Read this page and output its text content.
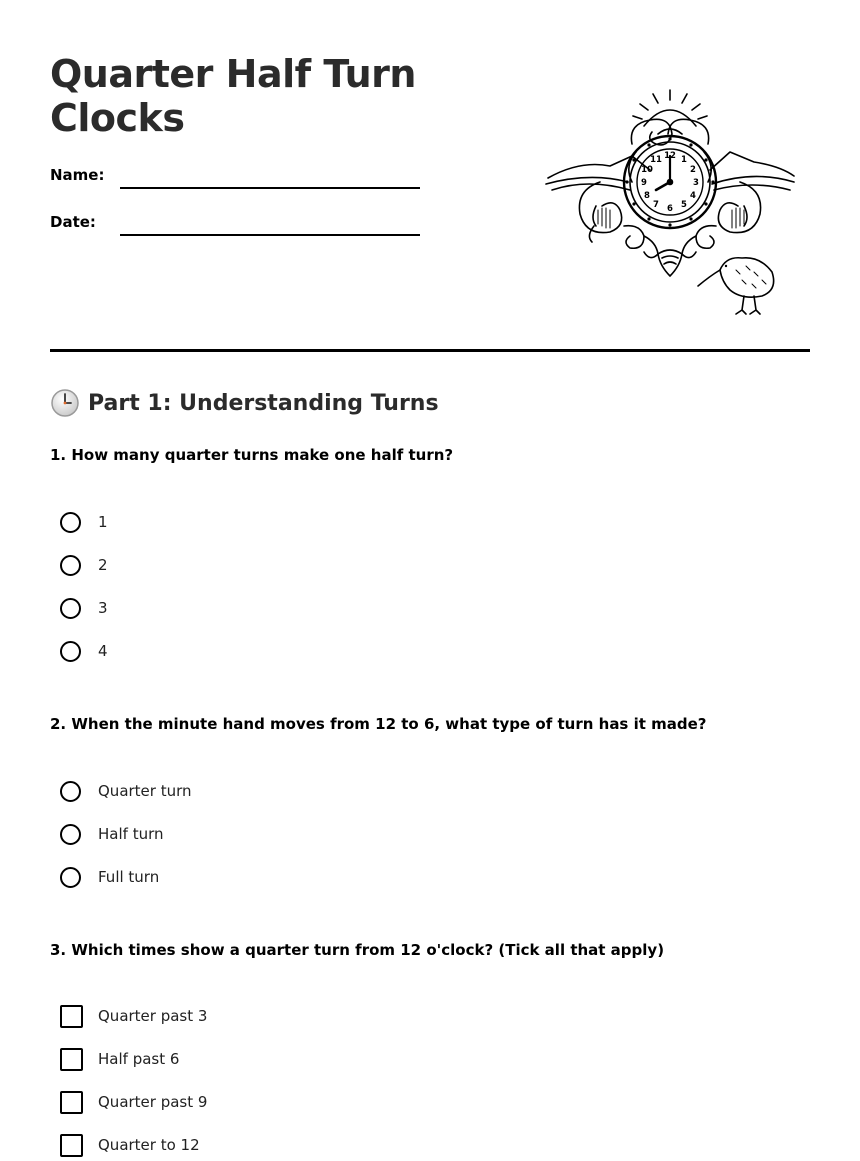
Quarter Half Turn
Clocks
Name:
Date:
12 1
2
3
4
5
6
7
8
9
10
11
Part 1: Understanding Turns
1. How many quarter turns make one half turn?
1
2
3
4
2. When the minute hand moves from 12 to 6, what type of turn has it made?
Quarter turn
Half turn
Full turn
3. Which times show a quarter turn from 12 o'clock? (Tick all that apply)
Quarter past 3
Half past 6
Quarter past 9
Quarter to 12
